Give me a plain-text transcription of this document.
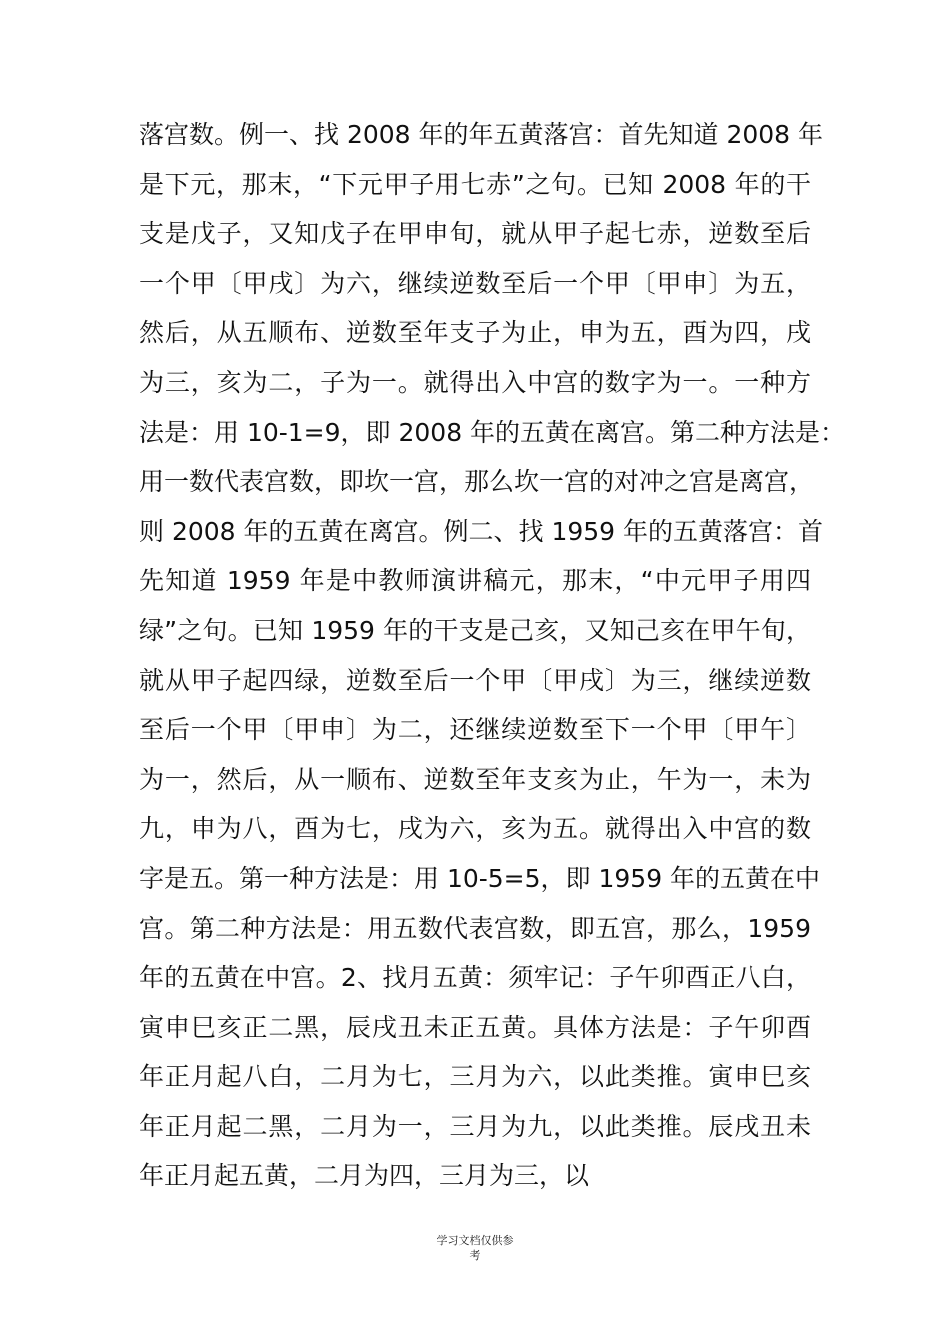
落宫数。例一、找 2008 年的年五黄落宫：首先知道 2008 年
是下元，那末，“下元甲子用七赤”之句。已知 2008 年的干
支是戊子，又知戊子在甲申旬，就从甲子起七赤，逆数至后
一个甲〔甲戌〕为六，继续逆数至后一个甲〔甲申〕为五，
然后，从五顺布、逆数至年支子为止，申为五，酉为四，戌
为三，亥为二，子为一。就得出入中宫的数字为一。一种方
法是：用 10-1=9，即 2008 年的五黄在离宫。第二种方法是：
用一数代表宫数，即坎一宫，那么坎一宫的对冲之宫是离宫，
则 2008 年的五黄在离宫。例二、找 1959 年的五黄落宫：首
先知道 1959 年是中教师演讲稿元，那末，“中元甲子用四
绿”之句。已知 1959 年的干支是己亥，又知己亥在甲午旬，
就从甲子起四绿，逆数至后一个甲〔甲戌〕为三，继续逆数
至后一个甲〔甲申〕为二，还继续逆数至下一个甲〔甲午〕
为一，然后，从一顺布、逆数至年支亥为止，午为一，未为
九，申为八，酉为七，戌为六，亥为五。就得出入中宫的数
字是五。第一种方法是：用 10-5=5，即 1959 年的五黄在中
宫。第二种方法是：用五数代表宫数，即五宫，那么，1959
年的五黄在中宫。2、找月五黄：须牢记：子午卯酉正八白，
寅申巳亥正二黑，辰戌丑未正五黄。具体方法是：子午卯酉
年正月起八白，二月为七，三月为六，以此类推。寅申巳亥
年正月起二黑，二月为一，三月为九，以此类推。辰戌丑未
年正月起五黄，二月为四，三月为三，以
学习文档仅供参
考
